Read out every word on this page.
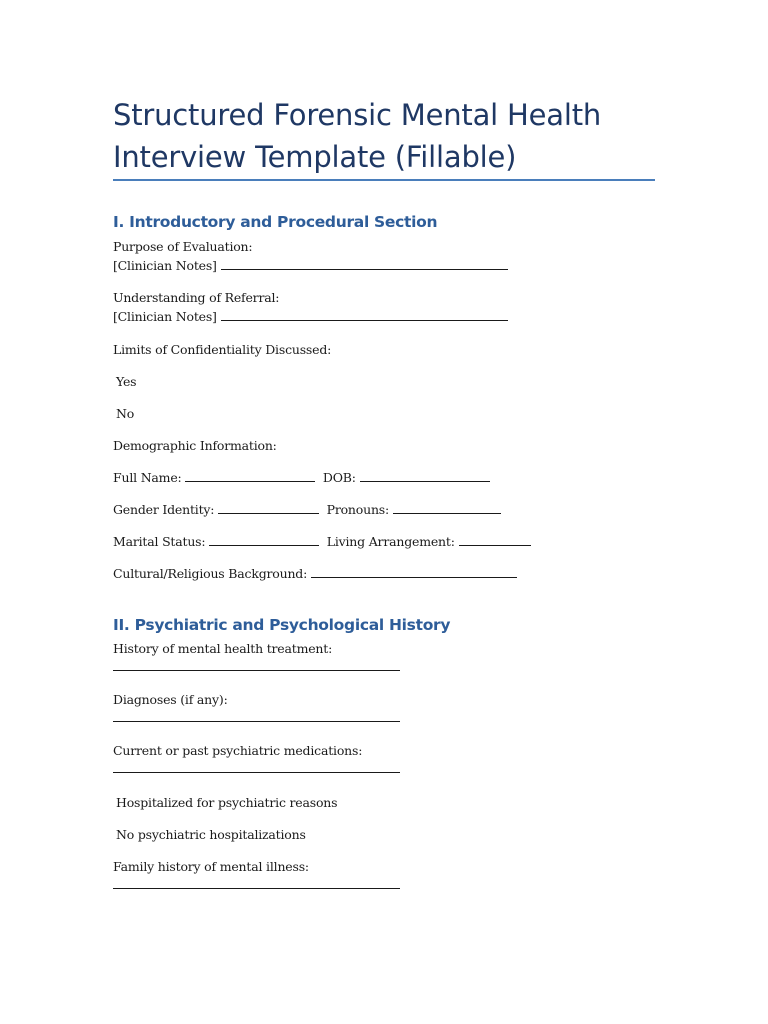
Structured Forensic Mental Health Interview Template (Fillable)
I. Introductory and Procedural Section
Purpose of Evaluation:
[Clinician Notes]
Understanding of Referral:
[Clinician Notes]
Limits of Confidentiality Discussed:
Yes
No
Demographic Information:
Full Name:	DOB:
Gender Identity:	Pronouns:
Marital Status:	Living Arrangement:
Cultural/Religious Background:
II. Psychiatric and Psychological History
History of mental health treatment:
Diagnoses (if any):
Current or past psychiatric medications:
Hospitalized for psychiatric reasons
No psychiatric hospitalizations
Family history of mental illness:
